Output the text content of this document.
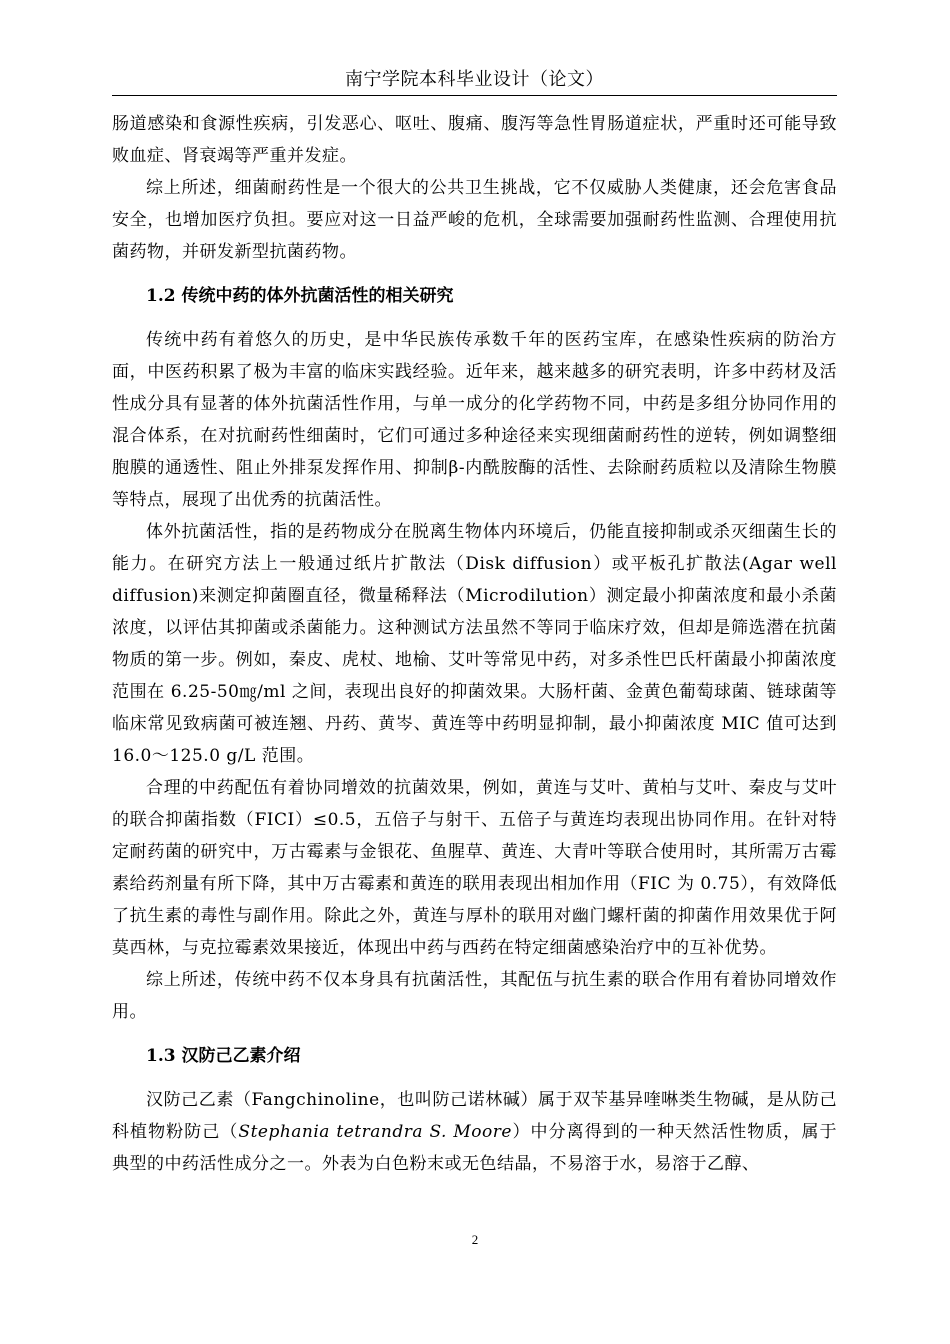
南宁学院本科毕业设计（论文）

肠道感染和食源性疾病，引发恶心、呕吐、腹痛、腹泻等急性胃肠道症状，严重时还可能导致败血症、肾衰竭等严重并发症。

综上所述，细菌耐药性是一个很大的公共卫生挑战，它不仅威胁人类健康，还会危害食品安全，也增加医疗负担。要应对这一日益严峻的危机，全球需要加强耐药性监测、合理使用抗菌药物，并研发新型抗菌药物。

1.2 传统中药的体外抗菌活性的相关研究

传统中药有着悠久的历史，是中华民族传承数千年的医药宝库，在感染性疾病的防治方面，中医药积累了极为丰富的临床实践经验。近年来，越来越多的研究表明，许多中药材及活性成分具有显著的体外抗菌活性作用，与单一成分的化学药物不同，中药是多组分协同作用的混合体系，在对抗耐药性细菌时，它们可通过多种途径来实现细菌耐药性的逆转，例如调整细胞膜的通透性、阻止外排泵发挥作用、抑制β-内酰胺酶的活性、去除耐药质粒以及清除生物膜等特点，展现了出优秀的抗菌活性。

体外抗菌活性，指的是药物成分在脱离生物体内环境后，仍能直接抑制或杀灭细菌生长的能力。在研究方法上一般通过纸片扩散法（Disk diffusion）或平板孔扩散法(Agar well diffusion)来测定抑菌圈直径，微量稀释法（Microdilution）测定最小抑菌浓度和最小杀菌浓度，以评估其抑菌或杀菌能力。这种测试方法虽然不等同于临床疗效，但却是筛选潜在抗菌物质的第一步。例如，秦皮、虎杖、地榆、艾叶等常见中药，对多杀性巴氏杆菌最小抑菌浓度范围在 6.25-50㎎/ml 之间，表现出良好的抑菌效果。大肠杆菌、金黄色葡萄球菌、链球菌等临床常见致病菌可被连翘、丹药、黄岑、黄连等中药明显抑制，最小抑菌浓度 MIC 值可达到 16.0～125.0 g/L 范围。

合理的中药配伍有着协同增效的抗菌效果，例如，黄连与艾叶、黄柏与艾叶、秦皮与艾叶的联合抑菌指数（FICI）≤0.5，五倍子与射干、五倍子与黄连均表现出协同作用。在针对特定耐药菌的研究中，万古霉素与金银花、鱼腥草、黄连、大青叶等联合使用时，其所需万古霉素给药剂量有所下降，其中万古霉素和黄连的联用表现出相加作用（FIC 为 0.75），有效降低了抗生素的毒性与副作用。除此之外，黄连与厚朴的联用对幽门螺杆菌的抑菌作用效果优于阿莫西林，与克拉霉素效果接近，体现出中药与西药在特定细菌感染治疗中的互补优势。

综上所述，传统中药不仅本身具有抗菌活性，其配伍与抗生素的联合作用有着协同增效作用。

1.3 汉防己乙素介绍

汉防己乙素（Fangchinoline，也叫防己诺林碱）属于双苄基异喹啉类生物碱，是从防己科植物粉防己（Stephania tetrandra S. Moore）中分离得到的一种天然活性物质，属于典型的中药活性成分之一。外表为白色粉末或无色结晶，不易溶于水，易溶于乙醇、

2
